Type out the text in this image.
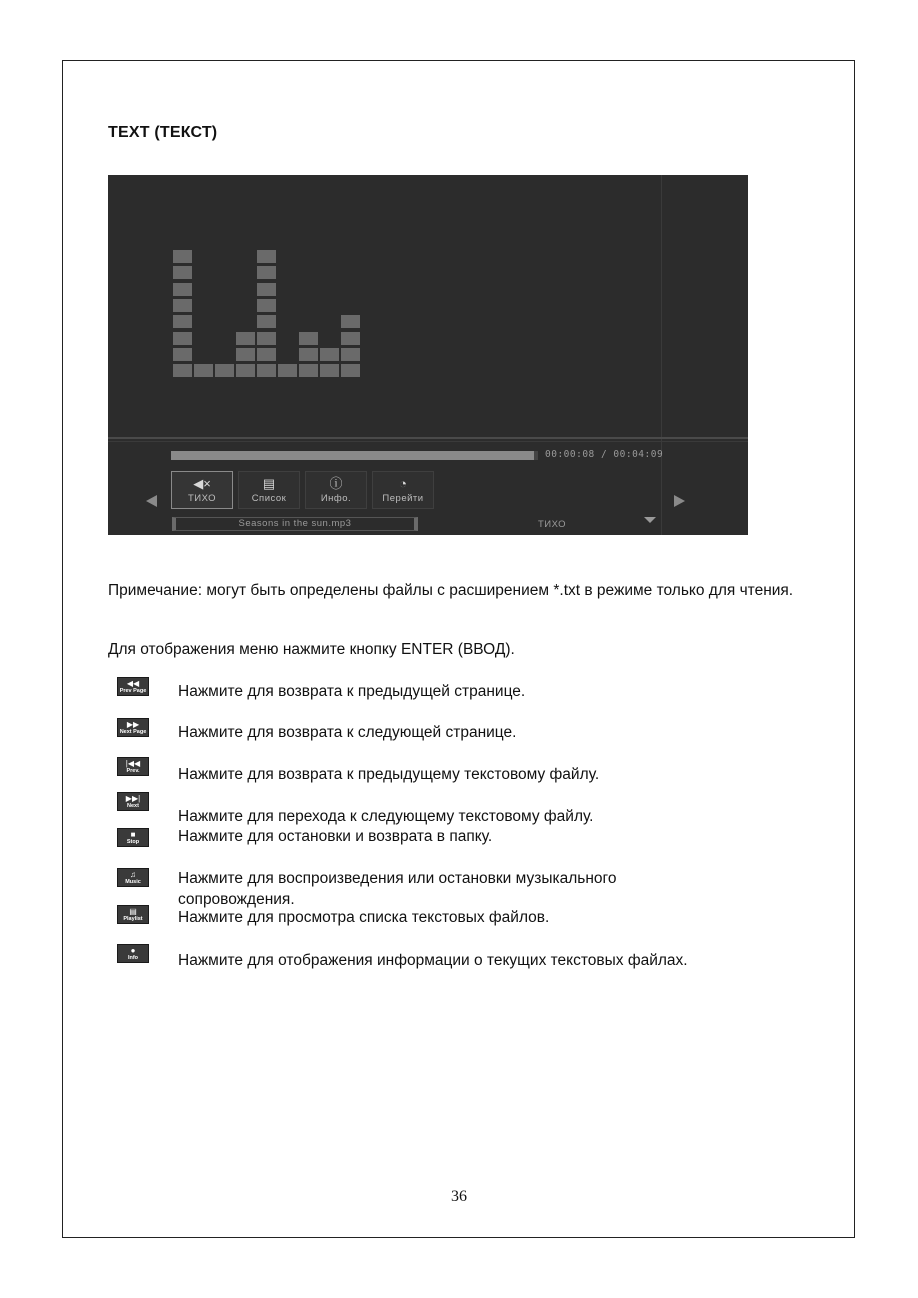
TEXT (ТЕКСТ)
00:00:08 / 00:04:09
◀×
ТИХО
▤
Список
ⓘ
Инфо.
◔
Перейти
Seasons in the sun.mp3	ТИХО
Примечание: могут быть определены файлы с расширением *.txt в режиме только для чтения.
Для отображения меню нажмите кнопку ENTER (ВВОД).
◀◀
Prev Page Нажмите для возврата к предыдущей странице.
▶▶
Next Page Нажмите для возврата к следующей странице.
|◀◀
Prev. Нажмите для возврата к предыдущему текстовому файлу.
▶▶|
Next
Нажмите для перехода к следующему текстовому файлу.
■
Stop	Нажмите для остановки и возврата в папку.
♫
Music Нажмите для воспроизведения или остановки музыкального сопровождения.
▤
Playlist Нажмите для просмотра списка текстовых файлов.
●
Info	Нажмите для отображения информации о текущих текстовых файлах.
36
